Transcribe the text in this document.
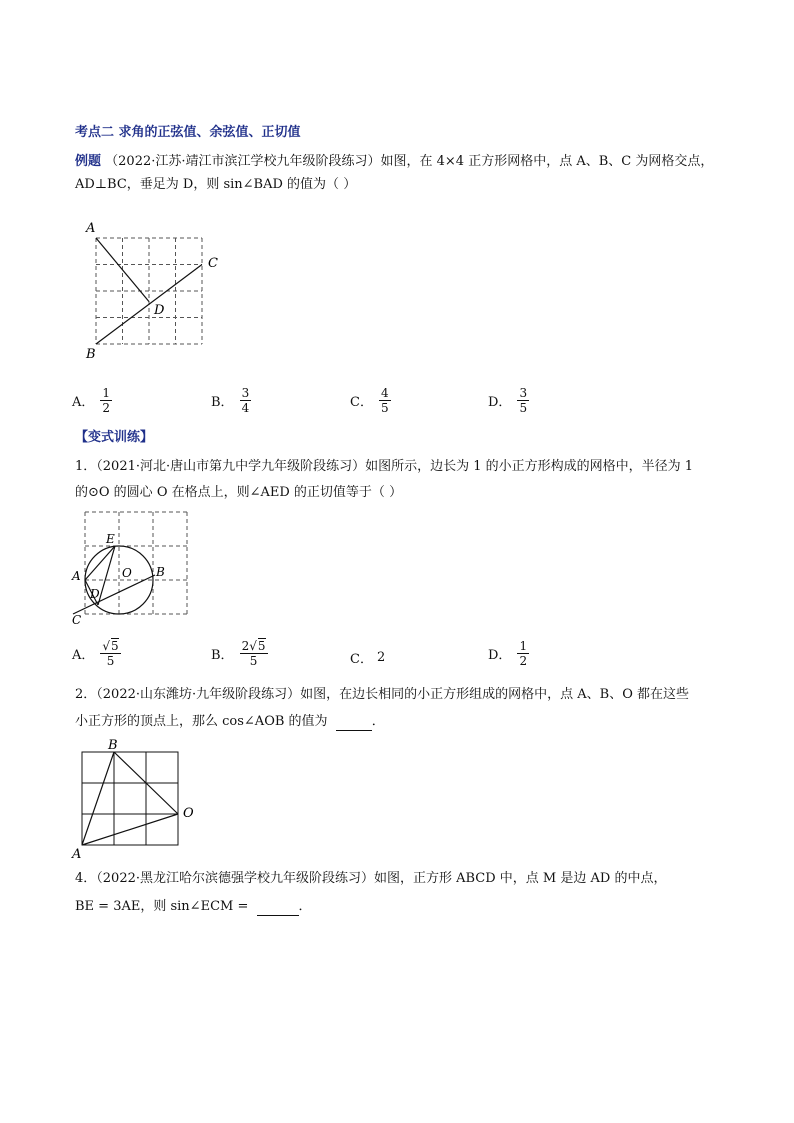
考点二 求角的正弦值、余弦值、正切值
例题 （2022·江苏·靖江市滨江学校九年级阶段练习）如图，在 4×4 正方形网格中，点 A、B、C 为网格交点，
AD⊥BC，垂足为 D，则 sin∠BAD 的值为（ ）
A
B
C
D
A． $\frac{1}{2}$	B． $\frac{3}{4}$	C． $\frac{4}{5}$	D． $\frac{3}{5}$
【变式训练】
1．（2021·河北·唐山市第九中学九年级阶段练习）如图所示，边长为 1 的小正方形构成的网格中，半径为 1
的⊙O 的圆心 O 在格点上，则∠AED 的正切值等于（ ）
E
O
A	B
D
C
A． $\frac{√5}{5}$	B． $\frac{2√5}{5}$	C． 2	D． $\frac{1}{2}$
2．（2022·山东潍坊·九年级阶段练习）如图，在边长相同的小正方形组成的网格中，点 A、B、O 都在这些
小正方形的顶点上，那么 cos∠AOB 的值为	．
B
O
A
4．（2022·黑龙江哈尔滨德强学校九年级阶段练习）如图，正方形 ABCD 中，点 M 是边 AD 的中点，
BE = 3AE，则 sin∠ECM =	．
